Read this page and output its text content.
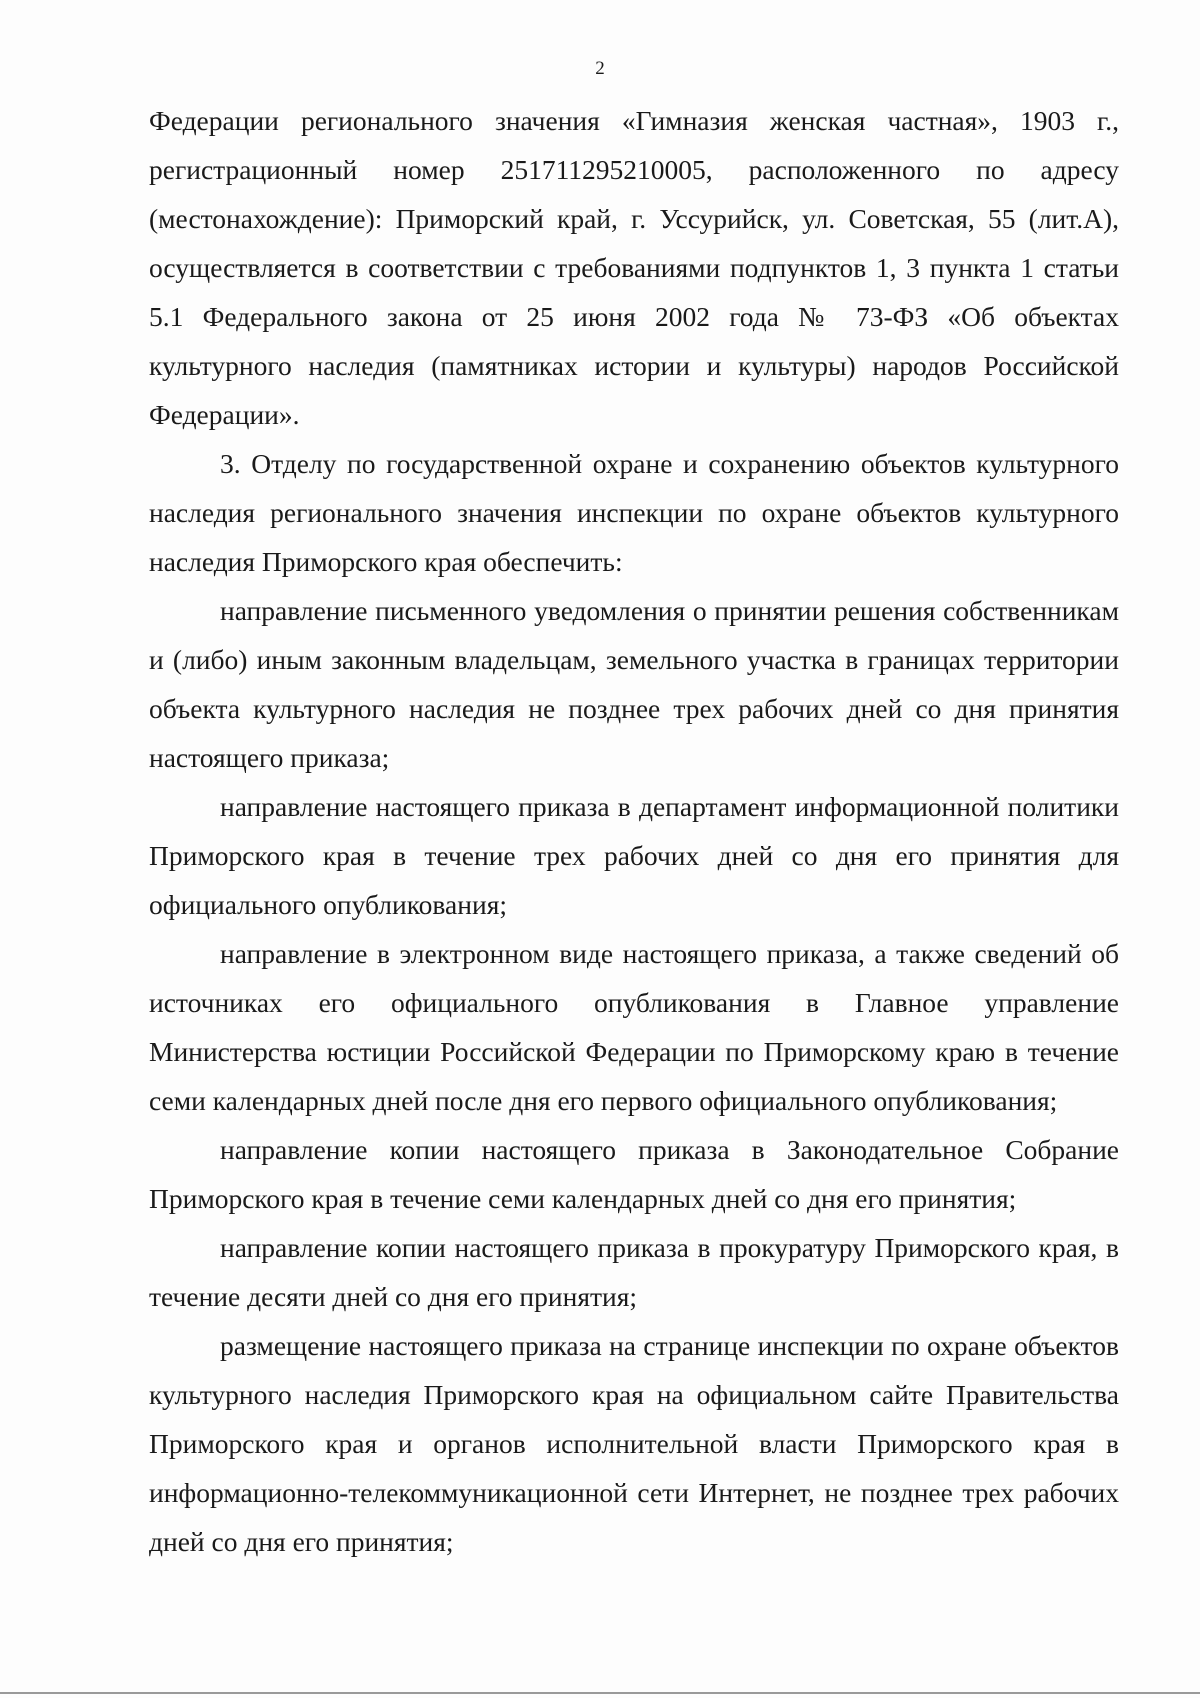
2

Федерации регионального значения «Гимназия женская частная», 1903 г., регистрационный номер 251711295210005, расположенного по адресу (местонахождение): Приморский край, г. Уссурийск, ул. Советская, 55 (лит.А), осуществляется в соответствии с требованиями подпунктов 1, 3 пункта 1 статьи 5.1 Федерального закона от 25 июня 2002 года № 73-ФЗ «Об объектах культурного наследия (памятниках истории и культуры) народов Российской Федерации».

3. Отделу по государственной охране и сохранению объектов культурного наследия регионального значения инспекции по охране объектов культурного наследия Приморского края обеспечить:

направление письменного уведомления о принятии решения собственникам и (либо) иным законным владельцам, земельного участка в границах территории объекта культурного наследия не позднее трех рабочих дней со дня принятия настоящего приказа;

направление настоящего приказа в департамент информационной политики Приморского края в течение трех рабочих дней со дня его принятия для официального опубликования;

направление в электронном виде настоящего приказа, а также сведений об источниках его официального опубликования в Главное управление Министерства юстиции Российской Федерации по Приморскому краю в течение семи календарных дней после дня его первого официального опубликования;

направление копии настоящего приказа в Законодательное Собрание Приморского края в течение семи календарных дней со дня его принятия;

направление копии настоящего приказа в прокуратуру Приморского края, в течение десяти дней со дня его принятия;

размещение настоящего приказа на странице инспекции по охране объектов культурного наследия Приморского края на официальном сайте Правительства Приморского края и органов исполнительной власти Приморского края в информационно-телекоммуникационной сети Интернет, не позднее трех рабочих дней со дня его принятия;
